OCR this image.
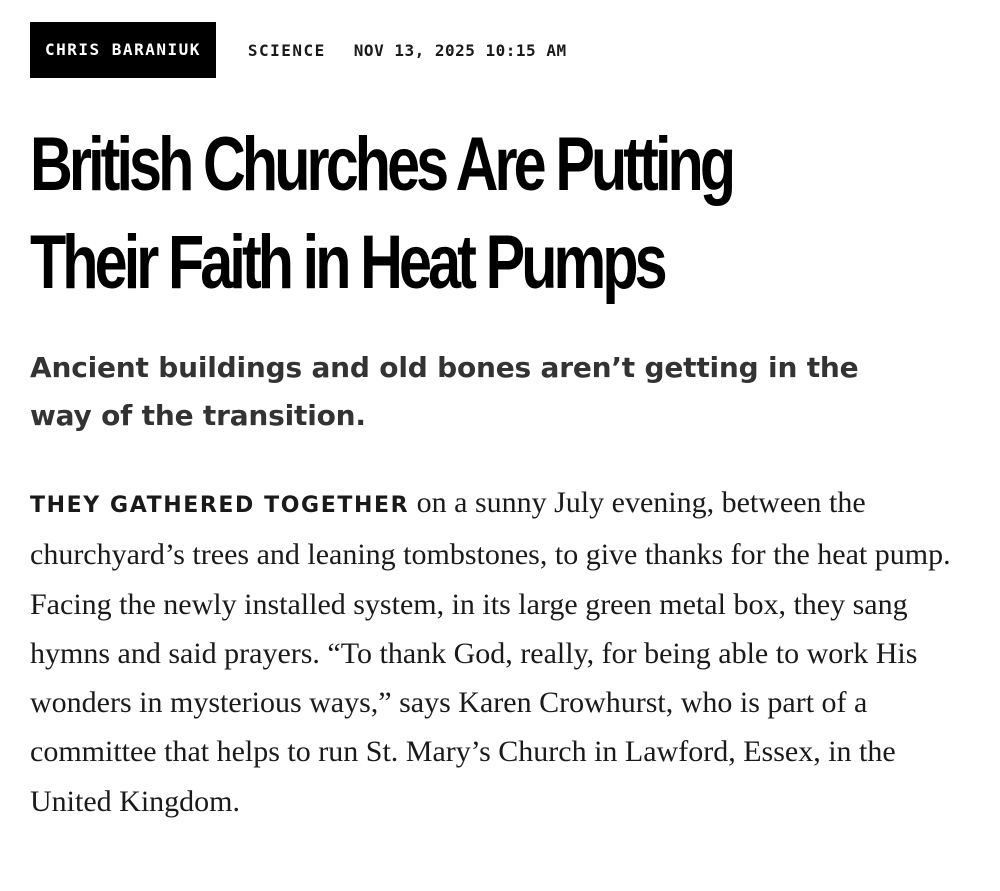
CHRIS BARANIUK	SCIENCE NOV 13, 2025 10:15 AM
British Churches Are Putting
Their Faith in Heat Pumps

Ancient buildings and old bones aren’t getting in the way of the transition.

THEY GATHERED TOGETHER on a sunny July evening, between the churchyard’s trees and leaning tombstones, to give thanks for the heat pump. Facing the newly installed system, in its large green metal box, they sang hymns and said prayers. “To thank God, really, for being able to work His wonders in mysterious ways,” says Karen Crowhurst, who is part of a committee that helps to run St. Mary’s Church in Lawford, Essex, in the United Kingdom.
